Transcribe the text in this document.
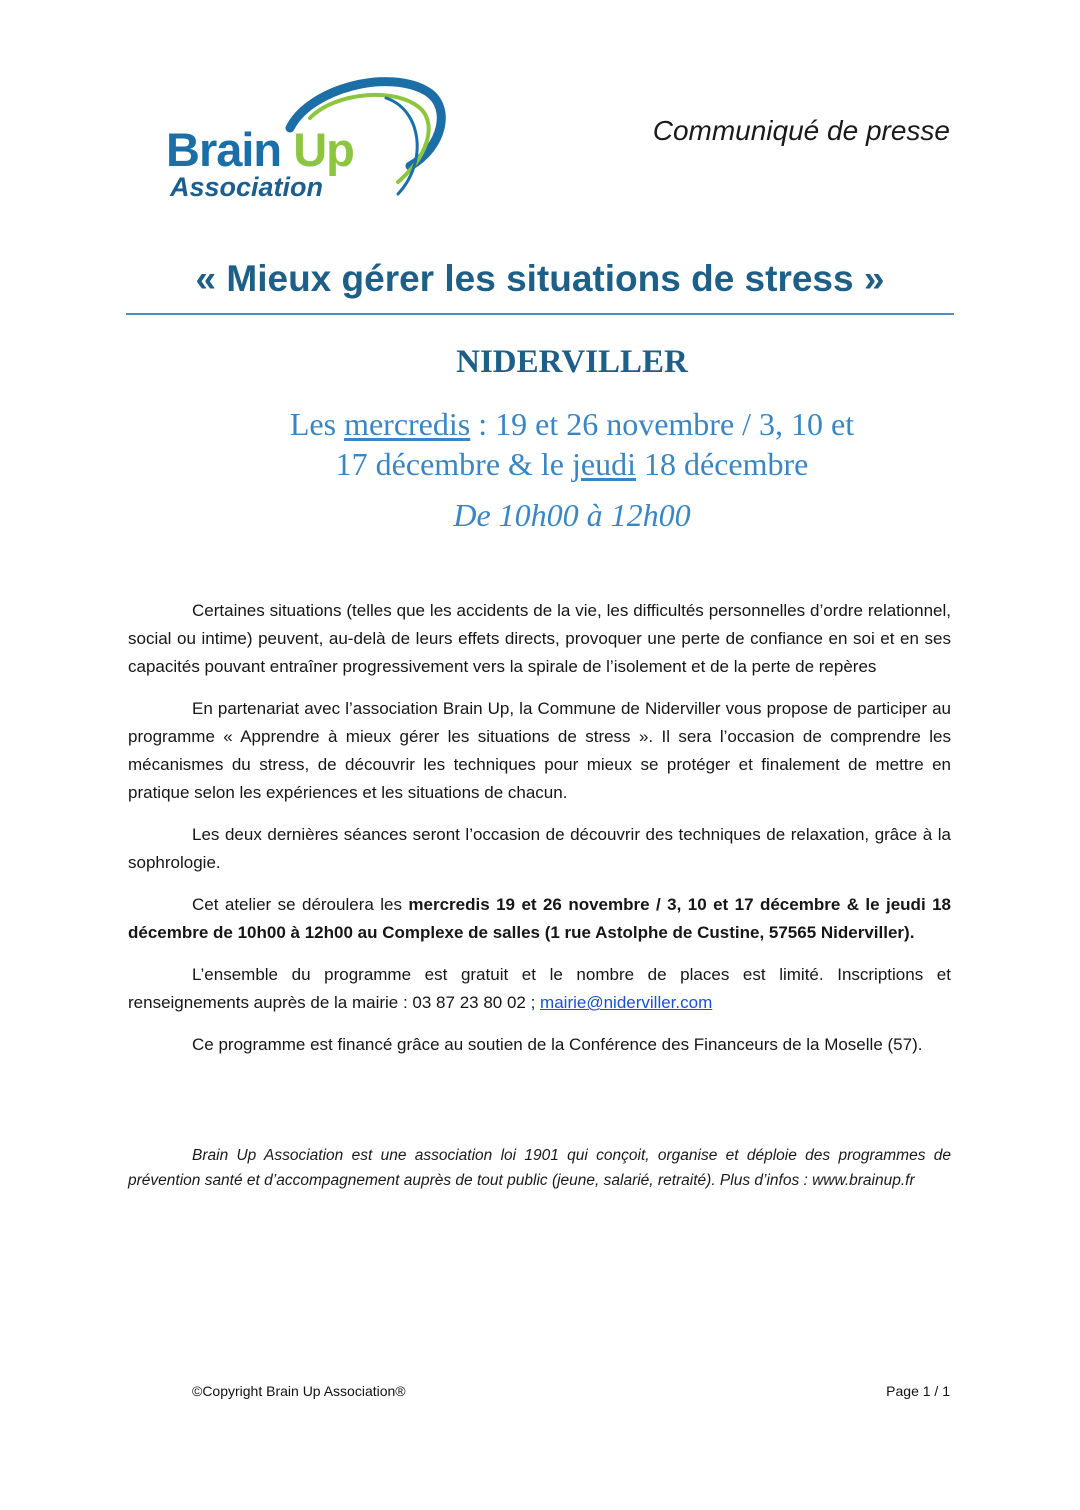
Brain Up
Association
Communiqué de presse
« Mieux gérer les situations de stress »
NIDERVILLER
Les mercredis : 19 et 26 novembre / 3, 10 et
17 décembre & le jeudi 18 décembre
De 10h00 à 12h00

Certaines situations (telles que les accidents de la vie, les difficultés personnelles d’ordre relationnel, social ou intime) peuvent, au-delà de leurs effets directs, provoquer une perte de confiance en soi et en ses capacités pouvant entraîner progressivement vers la spirale de l’isolement et de la perte de repères

En partenariat avec l’association Brain Up, la Commune de Niderviller vous propose de participer au programme « Apprendre à mieux gérer les situations de stress ». Il sera l’occasion de comprendre les mécanismes du stress, de découvrir les techniques pour mieux se protéger et finalement de mettre en pratique selon les expériences et les situations de chacun.

Les deux dernières séances seront l’occasion de découvrir des techniques de relaxation, grâce à la sophrologie.

Cet atelier se déroulera les mercredis 19 et 26 novembre / 3, 10 et 17 décembre & le jeudi 18 décembre de 10h00 à 12h00 au Complexe de salles (1 rue Astolphe de Custine, 57565 Niderviller).

L’ensemble du programme est gratuit et le nombre de places est limité. Inscriptions et renseignements auprès de la mairie : 03 87 23 80 02 ; mairie@niderviller.com

Ce programme est financé grâce au soutien de la Conférence des Financeurs de la Moselle (57).

Brain Up Association est une association loi 1901 qui conçoit, organise et déploie des programmes de prévention santé et d’accompagnement auprès de tout public (jeune, salarié, retraité). Plus d’infos : www.brainup.fr

©Copyright Brain Up Association®	Page 1 / 1
